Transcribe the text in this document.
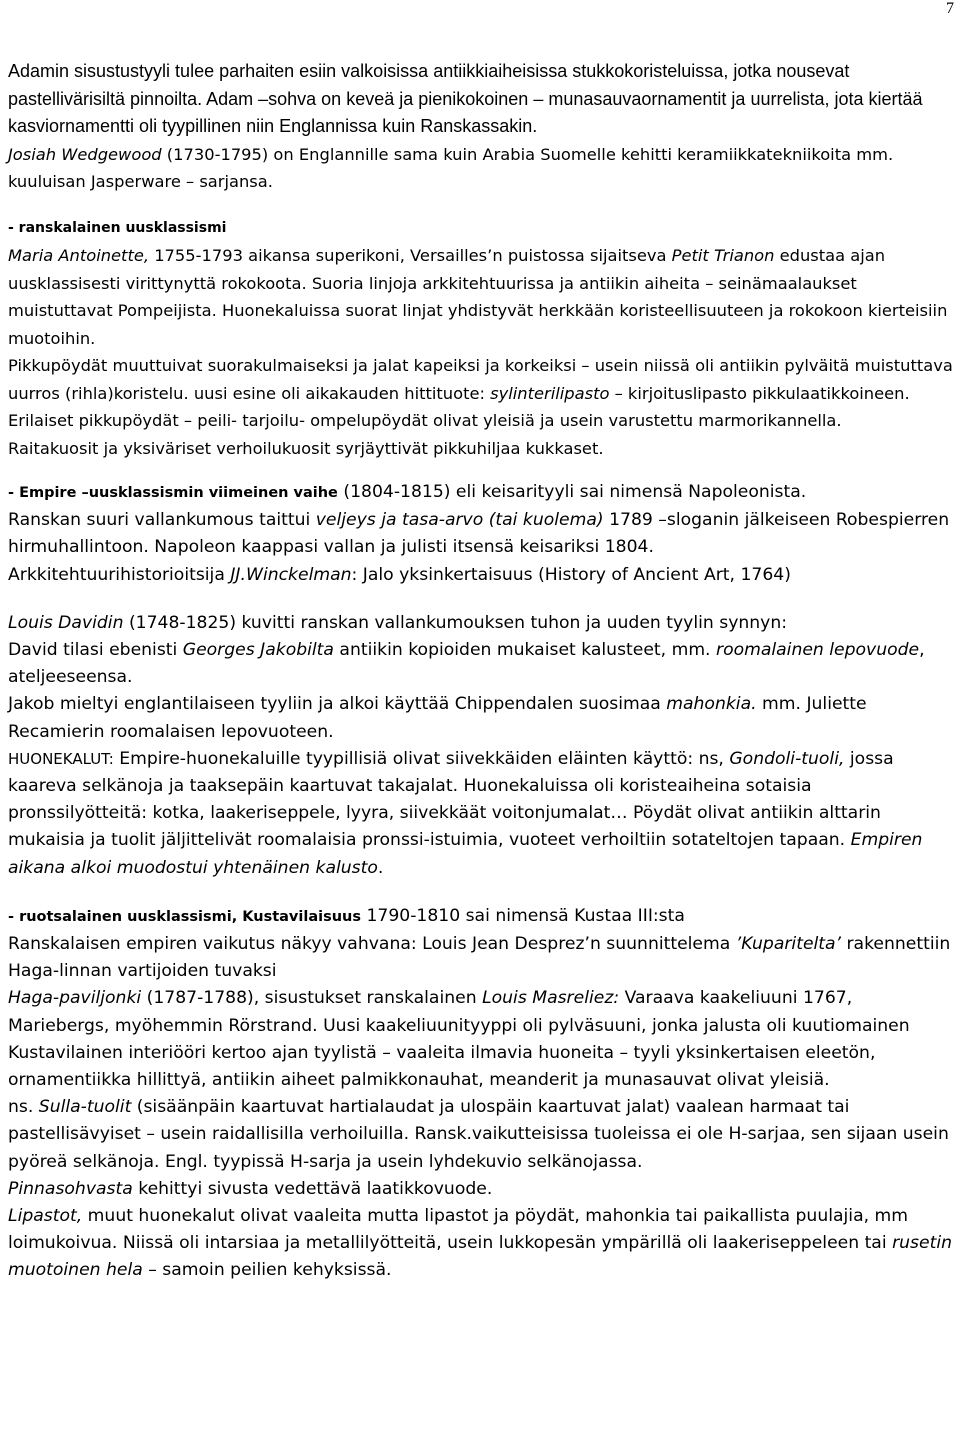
7

Adamin sisustustyyli tulee parhaiten esiin valkoisissa antiikkiaiheisissa stukkokoristeluissa, jotka nousevat pastellivärisiltä pinnoilta. Adam –sohva on keveä ja pienikokoinen – munasauvaornamentit ja uurrelista, jota kiertää kasviornamentti oli tyypillinen niin Englannissa kuin Ranskassakin.

Josiah Wedgewood (1730-1795) on Englannille sama kuin Arabia Suomelle kehitti keramiikkatekniikoita mm. kuuluisan Jasperware – sarjansa.

- ranskalainen uusklassismi

Maria Antoinette, 1755-1793 aikansa superikoni, Versailles’n puistossa sijaitseva Petit Trianon edustaa ajan uusklassisesti virittynyttä rokokoota. Suoria linjoja arkkitehtuurissa ja antiikin aiheita – seinämaalaukset muistuttavat Pompeijista. Huonekaluissa suorat linjat yhdistyvät herkkään koristeellisuuteen ja rokokoon kierteisiin muotoihin.

Pikkupöydät muuttuivat suorakulmaiseksi ja jalat kapeiksi ja korkeiksi – usein niissä oli antiikin pylväitä muistuttava uurros (rihla)koristelu. uusi esine oli aikakauden hittituote: sylinterilipasto – kirjoituslipasto pikkulaatikkoineen. Erilaiset pikkupöydät – peili- tarjoilu- ompelupöydät olivat yleisiä ja usein varustettu marmorikannella.

Raitakuosit ja yksiväriset verhoilukuosit syrjäyttivät pikkuhiljaa kukkaset.

- Empire –uusklassismin viimeinen vaihe (1804-1815) eli keisarityyli sai nimensä Napoleonista.

Ranskan suuri vallankumous taittui veljeys ja tasa-arvo (tai kuolema) 1789 –sloganin jälkeiseen Robespierren hirmuhallintoon. Napoleon kaappasi vallan ja julisti itsensä keisariksi 1804.

Arkkitehtuurihistorioitsija JJ.Winckelman: Jalo yksinkertaisuus (History of Ancient Art, 1764)

Louis Davidin (1748-1825) kuvitti ranskan vallankumouksen tuhon ja uuden tyylin synnyn:

David tilasi ebenisti Georges Jakobilta antiikin kopioiden mukaiset kalusteet, mm. roomalainen lepovuode, ateljeeseensa.

Jakob mieltyi englantilaiseen tyyliin ja alkoi käyttää Chippendalen suosimaa mahonkia. mm. Juliette Recamierin roomalaisen lepovuoteen.

HUONEKALUT: Empire-huonekaluille tyypillisiä olivat siivekkäiden eläinten käyttö: ns, Gondoli-tuoli, jossa kaareva selkänoja ja taaksepäin kaartuvat takajalat. Huonekaluissa oli koristeaiheina sotaisia pronssilyötteitä: kotka, laakeriseppele, lyyra, siivekkäät voitonjumalat… Pöydät olivat antiikin alttarin mukaisia ja tuolit jäljittelivät roomalaisia pronssi-istuimia, vuoteet verhoiltiin sotateltojen tapaan. Empiren aikana alkoi muodostui yhtenäinen kalusto.

- ruotsalainen uusklassismi, Kustavilaisuus 1790-1810 sai nimensä Kustaa III:sta

Ranskalaisen empiren vaikutus näkyy vahvana: Louis Jean Desprez’n suunnittelema ’Kuparitelta’ rakennettiin Haga-linnan vartijoiden tuvaksi

Haga-paviljonki (1787-1788), sisustukset ranskalainen Louis Masreliez: Varaava kaakeliuuni 1767, Mariebergs, myöhemmin Rörstrand. Uusi kaakeliuunityyppi oli pylväsuuni, jonka jalusta oli kuutiomainen

Kustavilainen interiööri kertoo ajan tyylistä – vaaleita ilmavia huoneita – tyyli yksinkertaisen eleetön, ornamentiikka hillittyä, antiikin aiheet palmikkonauhat, meanderit ja munasauvat olivat yleisiä.

ns. Sulla-tuolit (sisäänpäin kaartuvat hartialaudat ja ulospäin kaartuvat jalat) vaalean harmaat tai pastellisävyiset – usein raidallisilla verhoiluilla. Ransk.vaikutteisissa tuoleissa ei ole H-sarjaa, sen sijaan usein pyöreä selkänoja. Engl. tyypissä H-sarja ja usein lyhdekuvio selkänojassa.

Pinnasohvasta kehittyi sivusta vedettävä laatikkovuode.

Lipastot, muut huonekalut olivat vaaleita mutta lipastot ja pöydät, mahonkia tai paikallista puulajia, mm loimukoivua. Niissä oli intarsiaa ja metallilyötteitä, usein lukkopesän ympärillä oli laakeriseppeleen tai rusetin muotoinen hela – samoin peilien kehyksissä.
